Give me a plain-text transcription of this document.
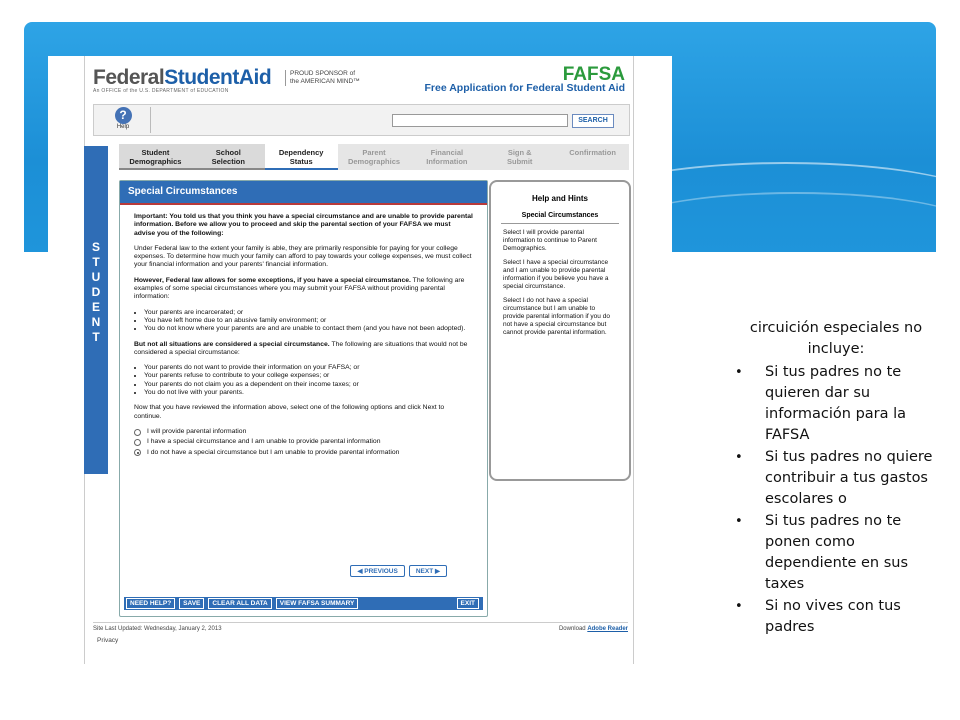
FederalStudentAid
An OFFICE of the U.S. DEPARTMENT of EDUCATION
PROUD SPONSOR of
the AMERICAN MIND™	FAFSA
Free Application for Federal Student Aid
?
Help
SEARCH
Student
Demographics
School
Selection
Dependency
Status
Parent
Demographics
Financial
Information
Sign &
Submit
Confirmation
Special Circumstances

Important: You told us that you think you have a special circumstance and are unable to provide parental information. Before we allow you to proceed and skip the parental section of your FAFSA we must advise you of the following:

Under Federal law to the extent your family is able, they are primarily responsible for paying for your college expenses. To determine how much your family can afford to pay towards your college expenses, we must collect your financial information and your parents' financial information.

However, Federal law allows for some exceptions, if you have a special circumstance. The following are examples of some special circumstances where you may submit your FAFSA without providing parental information:

• Your parents are incarcerated; or
• You have left home due to an abusive family environment; or
• You do not know where your parents are and are unable to contact them (and you have not been adopted).

But not all situations are considered a special circumstance. The following are situations that would not be considered a special circumstance:

• Your parents do not want to provide their information on your FAFSA; or
• Your parents refuse to contribute to your college expenses; or
• Your parents do not claim you as a dependent on their income taxes; or
• You do not live with your parents.

Now that you have reviewed the information above, select one of the following options and click Next to continue.

I will provide parental information
I have a special circumstance and I am unable to provide parental information
I do not have a special circumstance but I am unable to provide parental information
◀ PREVIOUS	NEXT ▶
NEED HELP?	SAVE	CLEAR ALL DATA	VIEW FAFSA SUMMARY	EXIT
Help and Hints
Special Circumstances

Select I will provide parental information to continue to Parent Demographics.

Select I have a special circumstance and I am unable to provide parental information if you believe you have a special circumstance.

Select I do not have a special circumstance but I am unable to provide parental information if you do not have a special circumstance but cannot provide parental information.

Site Last Updated: Wednesday, January 2, 2013	Download Adobe Reader
Privacy
S
T
U
D
E
N
T
circuición especiales no incluye:
• Si tus padres no te quieren dar su información para la FAFSA
• Si tus padres no quiere contribuir a tus gastos escolares o
• Si tus padres no te ponen como dependiente en sus taxes
• Si no vives con tus padres
